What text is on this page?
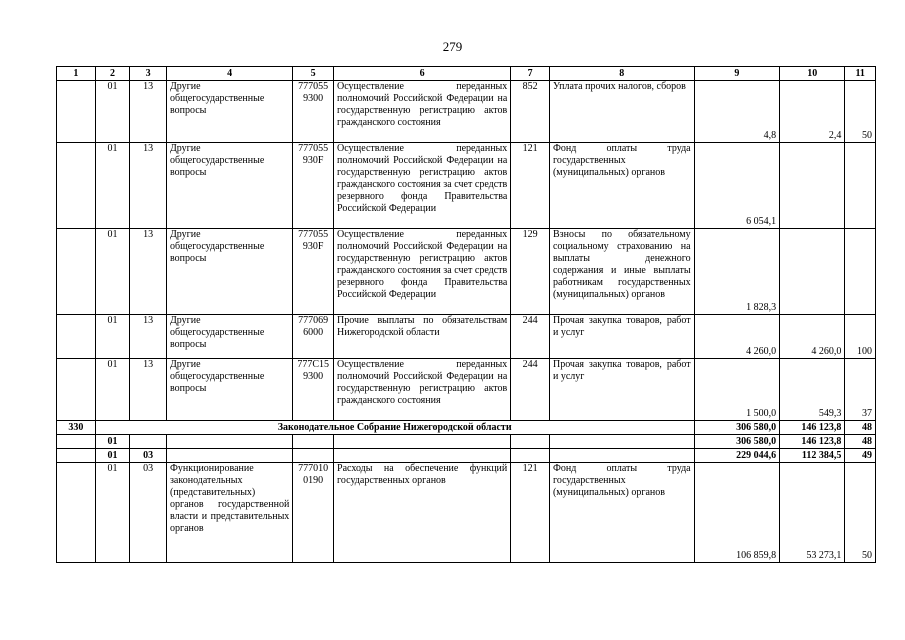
279
1	2	3	4	5	6	7	8	9	10	11
	01	13	Другие общегосударственные вопросы	7770559300	Осуществление переданных полномочий Российской Федерации на государственную регистрацию актов гражданского состояния	852	Уплата прочих налогов, сборов	4,8	2,4	50
	01	13	Другие общегосударственные вопросы	777055930F	Осуществление переданных полномочий Российской Федерации на государственную регистрацию актов гражданского состояния за счет средств резервного фонда Правительства Российской Федерации	121	Фонд оплаты труда государственных (муниципальных) органов	6 054,1		
	01	13	Другие общегосударственные вопросы	777055930F	Осуществление переданных полномочий Российской Федерации на государственную регистрацию актов гражданского состояния за счет средств резервного фонда Правительства Российской Федерации	129	Взносы по обязательному социальному страхованию на выплаты денежного содержания и иные выплаты работникам государственных (муниципальных) органов	1 828,3		
	01	13	Другие общегосударственные вопросы	7770696000	Прочие выплаты по обязательствам Нижегородской области	244	Прочая закупка товаров, работ и услуг	4 260,0	4 260,0	100
	01	13	Другие общегосударственные вопросы	777С159300	Осуществление переданных полномочий Российской Федерации на государственную регистрацию актов гражданского состояния	244	Прочая закупка товаров, работ и услуг	1 500,0	549,3	37
330	Законодательное Собрание Нижегородской области							306 580,0	146 123,8	48
	01							306 580,0	146 123,8	48
	01	03						229 044,6	112 384,5	49
	01	03	Функционирование законодательных (представительных) органов государственной власти и представительных органов	7770100190	Расходы на обеспечение функций государственных органов	121	Фонд оплаты труда государственных (муниципальных) органов	106 859,8	53 273,1	50
